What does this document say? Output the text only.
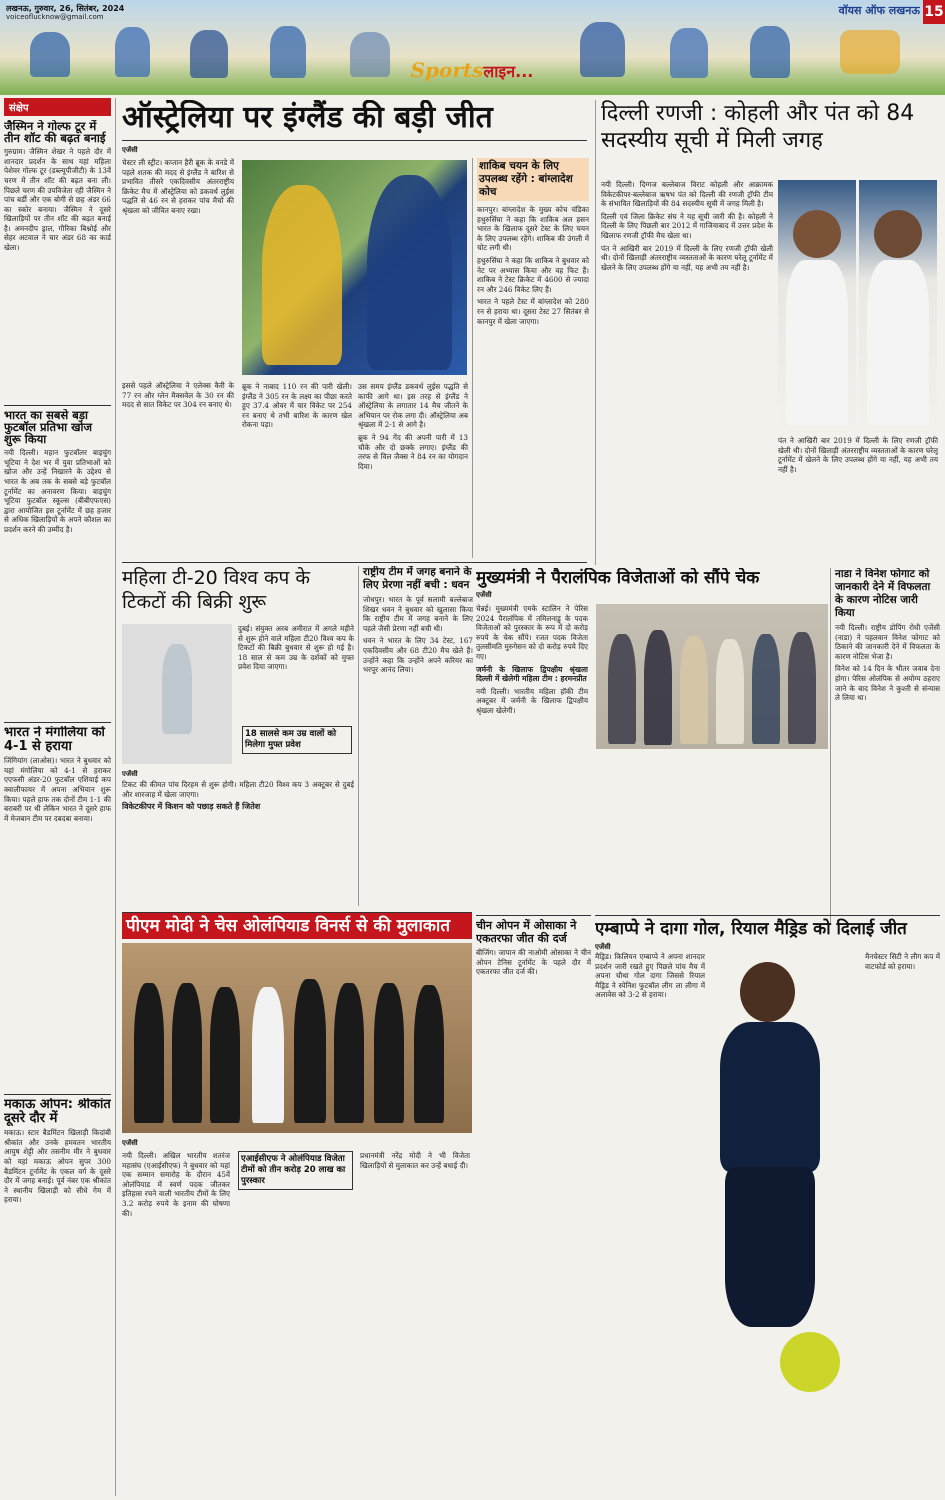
लखनऊ, गुरुवार, 26, सितंबर, 2024
voiceoflucknow@gmail.com	वॉयस ऑफ लखनऊ 15
Sportsलाइन...
संक्षेप
जैस्मिन ने गोल्फ टूर में तीन शॉट की बढ़त बनाई
गुरुग्राम। जैस्मिन शेखर ने पहले दौर में शानदार प्रदर्शन के साथ यहां महिला पेशेवर गोल्फ टूर (डब्ल्यूपीजीटी) के 13वें चरण में तीन शॉट की बढ़त बना ली। पिछले चरण की उपविजेता रही जैस्मिन ने पांच बर्डी और एक बोगी से छह अंडर 66 का स्कोर बनाया। जैस्मिन ने दूसरे खिलाड़ियों पर तीन शॉट की बढ़त बनाई है। अमनदीप ड्राल, गौरिका बिश्नोई और सेहर अटवाल ने चार अंडर 68 का कार्ड खेला।
भारत का सबसे बड़ा फुटबॉल प्रतिभा खोज शुरू किया
नयी दिल्ली। महान फुटबॉलर बाइचुंग भूटिया ने देश भर में युवा प्रतिभाओं को खोज और उन्हें निखारने के उद्देश्य से भारत के अब तक के सबसे बड़े फुटबॉल टूर्नामेंट का अनावरण किया। बाइचुंग भूटिया फुटबॉल स्कूल्स (बीबीएफएस) द्वारा आयोजित इस टूर्नामेंट में छह हजार से अधिक खिलाड़ियों के अपने कौशल का प्रदर्शन करने की उम्मीद है।
भारत ने मंगोलिया को 4-1 से हराया
जिंगियांग (लाओस)। भारत ने बुधवार को यहां मंगोलिया को 4-1 से हराकर एएफसी अंडर-20 फुटबॉल एशियाई कप क्वालीफायर में अपना अभियान शुरू किया। पहले हाफ तक दोनों टीम 1-1 की बराबरी पर थी लेकिन भारत ने दूसरे हाफ में मेजबान टीम पर दबदबा बनाया।
मकाऊ ओपन: श्रीकांत दूसरे दौर में
मकाऊ। स्टार बैडमिंटन खिलाड़ी किदांबी श्रीकांत और उनके हमवतन भारतीय आयुष शेट्टी और तसनीम मीर ने बुधवार को यहां मकाऊ ओपन सुपर 300 बैडमिंटन टूर्नामेंट के एकल वर्ग के दूसरे दौर में जगह बनाई। पूर्व नंबर एक श्रीकांत ने स्थानीय खिलाड़ी को सीधे गेम में हराया।
ऑस्ट्रेलिया पर इंग्लैंड की बड़ी जीत
एजेंसी

चेस्टर ली स्ट्रीट। कप्तान हैरी ब्रूक के वनडे में पहले शतक की मदद से इंग्लैंड ने बारिश से प्रभावित तीसरे एकदिवसीय अंतरराष्ट्रीय क्रिकेट मैच में ऑस्ट्रेलिया को डकवर्थ लुईस पद्धति से 46 रन से हराकर पांच मैचों की श्रृंखला को जीवित बनाए रखा।

ब्रूक ने नाबाद 110 रन की पारी खेली। इंग्लैंड ने 305 रन के लक्ष्य का पीछा करते हुए 37.4 ओवर में चार विकेट पर 254 रन बनाए थे तभी बारिश के कारण खेल रोकना पड़ा।

उस समय इंग्लैंड डकवर्थ लुईस पद्धति से काफी आगे था। इस तरह से इंग्लैंड ने ऑस्ट्रेलिया के लगातार 14 मैच जीतने के अभियान पर रोक लगा दी। ऑस्ट्रेलिया अब श्रृंखला में 2-1 से आगे है।

ब्रूक ने 94 गेंद की अपनी पारी में 13 चौके और दो छक्के लगाए। इंग्लैंड की तरफ से विल जैक्स ने 84 रन का योगदान दिया।

इससे पहले ऑस्ट्रेलिया ने एलेक्स कैरी के 77 रन और ग्लेन मैक्सवेल के 30 रन की मदद से सात विकेट पर 304 रन बनाए थे।

शाकिब चयन के लिए उपलब्ध रहेंगे : बांग्लादेश कोच

कानपुर। बांग्लादेश के मुख्य कोच चंडिका हथुरुसिंघा ने कहा कि शाकिब अल हसन भारत के खिलाफ दूसरे टेस्ट के लिए चयन के लिए उपलब्ध रहेंगे। शाकिब की उंगली में चोट लगी थी।

हथुरुसिंघा ने कहा कि शाकिब ने बुधवार को नेट पर अभ्यास किया और वह फिट हैं। शाकिब ने टेस्ट क्रिकेट में 4600 से ज्यादा रन और 246 विकेट लिए हैं।

भारत ने पहले टेस्ट में बांग्लादेश को 280 रन से हराया था। दूसरा टेस्ट 27 सितंबर से कानपुर में खेला जाएगा।

दिल्ली रणजी : कोहली और पंत को 84 सदस्यीय सूची में मिली जगह

नयी दिल्ली। दिग्गज बल्लेबाज विराट कोहली और आक्रामक विकेटकीपर-बल्लेबाज ऋषभ पंत को दिल्ली की रणजी ट्रॉफी टीम के संभावित खिलाड़ियों की 84 सदस्यीय सूची में जगह मिली है।

दिल्ली एवं जिला क्रिकेट संघ ने यह सूची जारी की है। कोहली ने दिल्ली के लिए पिछली बार 2012 में गाजियाबाद में उत्तर प्रदेश के खिलाफ रणजी ट्रॉफी मैच खेला था।

पंत ने आखिरी बार 2019 में दिल्ली के लिए रणजी ट्रॉफी खेली थी। दोनों खिलाड़ी अंतरराष्ट्रीय व्यस्तताओं के कारण घरेलू टूर्नामेंट में खेलने के लिए उपलब्ध होंगे या नहीं, यह अभी तय नहीं है।

पंत ने आखिरी बार 2019 में दिल्ली के लिए रणजी ट्रॉफी खेली थी। दोनों खिलाड़ी अंतरराष्ट्रीय व्यस्तताओं के कारण घरेलू टूर्नामेंट में खेलने के लिए उपलब्ध होंगे या नहीं, यह अभी तय नहीं है।

महिला टी-20 विश्व कप के टिकटों की बिक्री शुरू
एजेंसी

दुबई। संयुक्त अरब अमीरात में अगले महीने से शुरू होने वाले महिला टी20 विश्व कप के टिकटों की बिक्री बुधवार से शुरू हो गई है। 18 साल से कम उम्र के दर्शकों को मुफ्त प्रवेश दिया जाएगा।

18 सालसे कम उम्र वालों को मिलेगा मुफ्त प्रवेश

टिकट की कीमत पांच दिरहम से शुरू होगी। महिला टी20 विश्व कप 3 अक्टूबर से दुबई और शारजाह में खेला जाएगा।

विकेटकीपर में किशन को पछाड़ सकते हैं जितेश

राष्ट्रीय टीम में जगह बनाने के लिए प्रेरणा नहीं बची : धवन

जोधपुर। भारत के पूर्व सलामी बल्लेबाज शिखर धवन ने बुधवार को खुलासा किया कि राष्ट्रीय टीम में जगह बनाने के लिए पहले जैसी प्रेरणा नहीं बची थी।

धवन ने भारत के लिए 34 टेस्ट, 167 एकदिवसीय और 68 टी20 मैच खेले हैं। उन्होंने कहा कि उन्होंने अपने करियर का भरपूर आनंद लिया।

मुख्यमंत्री ने पैरालंपिक विजेताओं को सौंपे चेक
एजेंसी

चेन्नई। मुख्यमंत्री एमके स्टालिन ने पेरिस 2024 पैरालंपिक में तमिलनाडु के पदक विजेताओं को पुरस्कार के रूप में दो करोड़ रुपये के चेक सौंपे। रजत पदक विजेता तुलसीमति मुरुगेसन को दो करोड़ रुपये दिए गए।

जर्मनी के खिलाफ द्विपक्षीय श्रृंखला दिल्ली में खेलेगी महिला टीम : हरमनप्रीत

नयी दिल्ली। भारतीय महिला हॉकी टीम अक्टूबर में जर्मनी के खिलाफ द्विपक्षीय श्रृंखला खेलेगी।

नाडा ने विनेश फोगाट को जानकारी देने में विफलता के कारण नोटिस जारी किया

नयी दिल्ली। राष्ट्रीय डोपिंग रोधी एजेंसी (नाडा) ने पहलवान विनेश फोगाट को ठिकाने की जानकारी देने में विफलता के कारण नोटिस भेजा है।

विनेश को 14 दिन के भीतर जवाब देना होगा। पेरिस ओलंपिक से अयोग्य ठहराए जाने के बाद विनेश ने कुश्ती से संन्यास ले लिया था।

चीन ओपन में ओसाका ने एकतरफा जीत की दर्ज
बीजिंग। जापान की नाओमी ओसाका ने चीन ओपन टेनिस टूर्नामेंट के पहले दौर में एकतरफा जीत दर्ज की।
एम्बाप्पे ने दागा गोल, रियाल मैड्रिड को दिलाई जीत
एजेंसी

मैड्रिड। किलियन एम्बाप्पे ने अपना शानदार प्रदर्शन जारी रखते हुए पिछले पांच मैच में अपना चौथा गोल दागा जिससे रियाल मैड्रिड ने स्पेनिश फुटबॉल लीग ला लीगा में अलावेस को 3-2 से हराया।

मैनचेस्टर सिटी ने लीग कप में वाटफोर्ड को हराया।

पीएम मोदी ने चेस ओलंपियाड विनर्स से की मुलाकात
एजेंसी

नयी दिल्ली। अखिल भारतीय शतरंज महासंघ (एआईसीएफ) ने बुधवार को यहां एक सम्मान समारोह के दौरान 45वें ओलंपियाड में स्वर्ण पदक जीतकर इतिहास रचने वाली भारतीय टीमों के लिए 3.2 करोड़ रुपये के इनाम की घोषणा की।

एआईसीएफ ने ओलंपियाड विजेता टीमों को तीन करोड़ 20 लाख का पुरस्कार

प्रधानमंत्री नरेंद्र मोदी ने भी विजेता खिलाड़ियों से मुलाकात कर उन्हें बधाई दी।
